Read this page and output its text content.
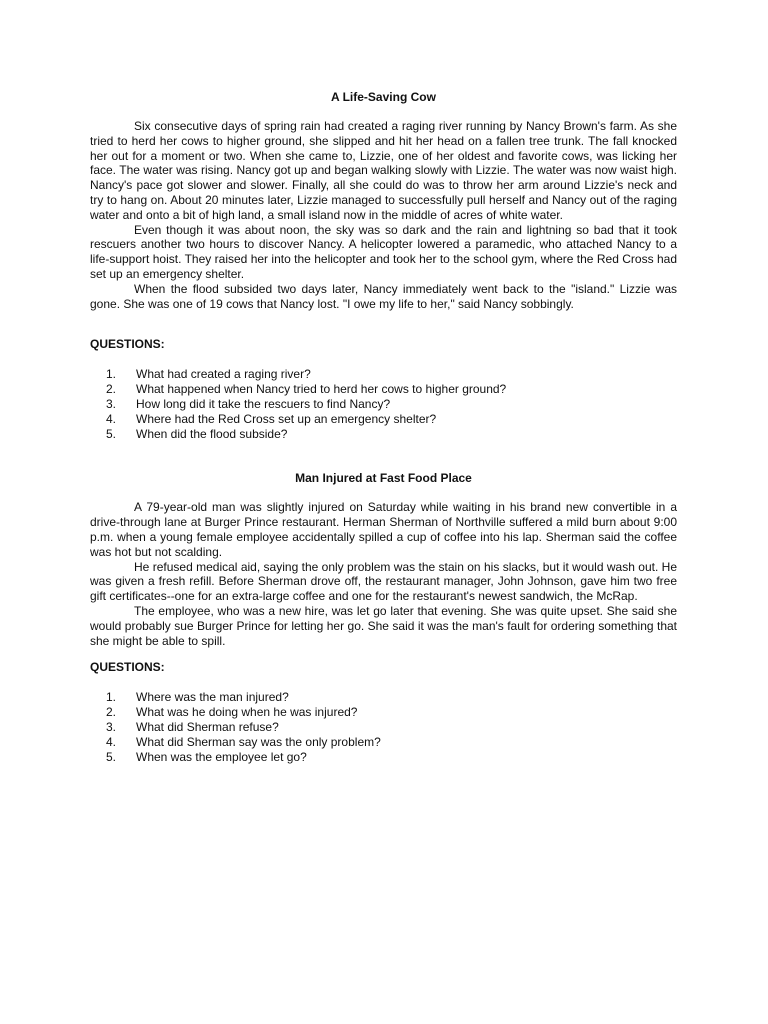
A Life-Saving Cow

Six consecutive days of spring rain had created a raging river running by Nancy Brown's farm. As she tried to herd her cows to higher ground, she slipped and hit her head on a fallen tree trunk. The fall knocked her out for a moment or two. When she came to, Lizzie, one of her oldest and favorite cows, was licking her face. The water was rising. Nancy got up and began walking slowly with Lizzie. The water was now waist high. Nancy's pace got slower and slower. Finally, all she could do was to throw her arm around Lizzie's neck and try to hang on. About 20 minutes later, Lizzie managed to successfully pull herself and Nancy out of the raging water and onto a bit of high land, a small island now in the middle of acres of white water.

Even though it was about noon, the sky was so dark and the rain and lightning so bad that it took rescuers another two hours to discover Nancy. A helicopter lowered a paramedic, who attached Nancy to a life-support hoist. They raised her into the helicopter and took her to the school gym, where the Red Cross had set up an emergency shelter.

When the flood subsided two days later, Nancy immediately went back to the "island." Lizzie was gone. She was one of 19 cows that Nancy lost. "I owe my life to her," said Nancy sobbingly.

QUESTIONS:
1.	What had created a raging river?
2.	What happened when Nancy tried to herd her cows to higher ground?
3.	How long did it take the rescuers to find Nancy?
4.	Where had the Red Cross set up an emergency shelter?
5.	When did the flood subside?
Man Injured at Fast Food Place

A 79-year-old man was slightly injured on Saturday while waiting in his brand new convertible in a drive-through lane at Burger Prince restaurant. Herman Sherman of Northville suffered a mild burn about 9:00 p.m. when a young female employee accidentally spilled a cup of coffee into his lap. Sherman said the coffee was hot but not scalding.

He refused medical aid, saying the only problem was the stain on his slacks, but it would wash out. He was given a fresh refill. Before Sherman drove off, the restaurant manager, John Johnson, gave him two free gift certificates--one for an extra-large coffee and one for the restaurant's newest sandwich, the McRap.

The employee, who was a new hire, was let go later that evening. She was quite upset. She said she would probably sue Burger Prince for letting her go. She said it was the man's fault for ordering something that she might be able to spill.

QUESTIONS:
1.	Where was the man injured?
2.	What was he doing when he was injured?
3.	What did Sherman refuse?
4.	What did Sherman say was the only problem?
5.	When was the employee let go?
